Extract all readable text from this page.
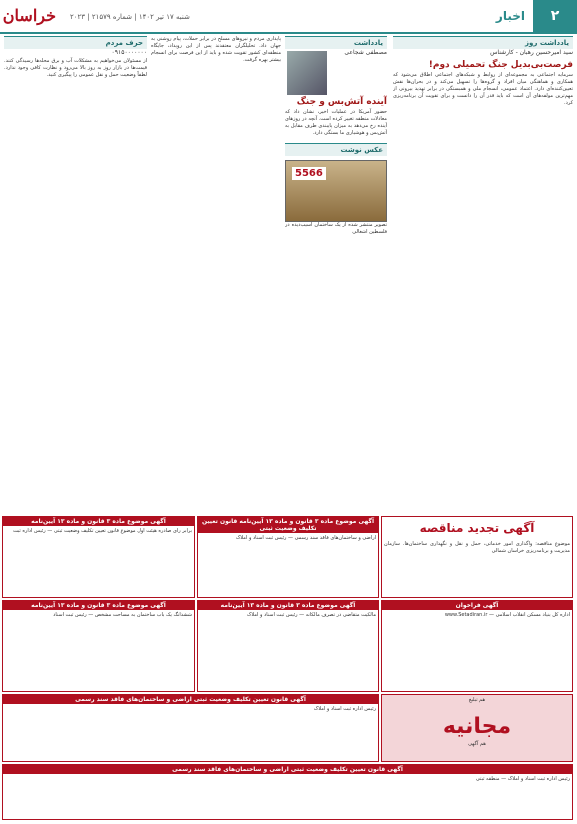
خراسان شنبه ۱۷ تیر ۱۴۰۲ | شماره ۲۱۵۷۹ | ۲۰۲۳	۲
اخبار
یادداشت روز
سید امیرحسین رهبان - کارشناس
فرصت‌بی‌بدیل جنگ تحمیلی دوم!
سرمایه اجتماعی به مجموعه‌ای از روابط و شبکه‌های اجتماعی اطلاق می‌شود که همکاری و هماهنگی میان افراد و گروه‌ها را تسهیل می‌کند و در بحران‌ها نقش تعیین‌کننده‌ای دارد. اعتماد عمومی، انسجام ملی و همبستگی در برابر تهدید بیرونی از مهم‌ترین مولفه‌های آن است که باید قدر آن را دانست و برای تقویت آن برنامه‌ریزی کرد.
یادداشت
مصطفی شجاعی
آینده آتش‌بس و جنگ
حضور آمریکا در عملیات اخیر، نشان داد که معادلات منطقه تغییر کرده است. آنچه در روزهای آینده رخ می‌دهد به میزان پایبندی طرف مقابل به آتش‌بس و هوشیاری ما بستگی دارد.
عکس نوشت
5566
تصویر منتشر شده از یک ساختمان آسیب‌دیده در فلسطین اشغالی
پایداری مردم و نیروهای مسلح در برابر حملات، پیام روشنی به جهان داد. تحلیلگران معتقدند پس از این رویداد، جایگاه منطقه‌ای کشور تقویت شده و باید از این فرصت برای انسجام بیشتر بهره گرفت.
حرف مردم
۰۹۱۵۰۰۰۰۰۰۰
از مسئولان می‌خواهیم به مشکلات آب و برق محله‌ها رسیدگی کنند. قیمت‌ها در بازار روز به روز بالا می‌رود و نظارت کافی وجود ندارد. لطفاً وضعیت حمل و نقل عمومی را پیگیری کنید.
آگهی تجدید مناقصه
موضوع مناقصه: واگذاری امور خدماتی، حمل و نقل و نگهداری ساختمان‌ها. سازمان مدیریت و برنامه‌ریزی خراسان شمالی
آگهی موضوع ماده ۳ قانون و ماده ۱۳ آیین‌نامه قانون تعیین تکلیف وضعیت ثبتی
اراضی و ساختمان‌های فاقد سند رسمی — رئیس ثبت اسناد و املاک
آگهی موضوع ماده ۳ قانون و ماده ۱۳ آیین‌نامه
برابر رای صادره هیئت اول موضوع قانون تعیین تکلیف وضعیت ثبتی — رئیس اداره ثبت
آگهی فراخوان
اداره کل بنیاد مسکن انقلاب اسلامی — www.Setadiran.ir
آگهی موضوع ماده ۳ قانون و ماده ۱۳ آیین‌نامه
مالکیت متقاضی در تصرف مالکانه — رئیس ثبت اسناد و املاک
آگهی موضوع ماده ۳ قانون و ماده ۱۳ آیین‌نامه
ششدانگ یک باب ساختمان به مساحت مشخص — رئیس ثبت اسناد
هم تبلیغ
مجانیه
هم آگهی
آگهی قانون تعیین تکلیف وضعیت ثبتی اراضی و ساختمان‌های فاقد سند رسمی
رئیس اداره ثبت اسناد و املاک
آگهی قانون تعیین تکلیف وضعیت ثبتی اراضی و ساختمان‌های فاقد سند رسمی
رئیس اداره ثبت اسناد و املاک — منطقه ثبتی
